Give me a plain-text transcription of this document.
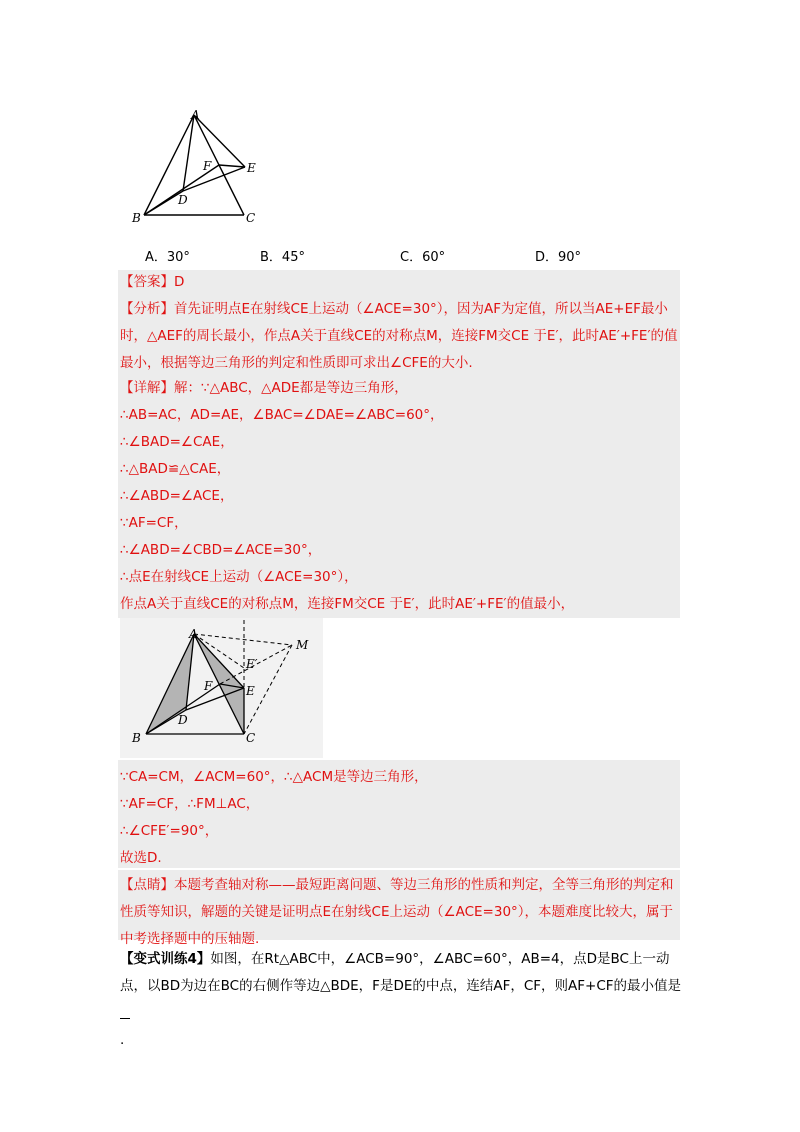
A
B	C
D
E
F
A．30°	B．45°	C．60°	D．90°
【答案】D
【分析】首先证明点E在射线CE上运动（∠ACE=30°），因为AF为定值，所以当AE+EF最小时，△AEF的周长最小，作点A关于直线CE的对称点M，连接FM交CE 于E′，此时AE′+FE′的值最小，根据等边三角形的判定和性质即可求出∠CFE的大小.
【详解】解：∵△ABC，△ADE都是等边三角形，
∴AB=AC，AD=AE，∠BAC=∠DAE=∠ABC=60°，
∴∠BAD=∠CAE，
∴△BAD≌△CAE，
∴∠ABD=∠ACE，
∵AF=CF，
∴∠ABD=∠CBD=∠ACE=30°，
∴点E在射线CE上运动（∠ACE=30°），
作点A关于直线CE的对称点M，连接FM交CE 于E′，此时AE′+FE′的值最小，
A
B	C
D
E
F
M
E′
∵CA=CM，∠ACM=60°，∴△ACM是等边三角形，
∵AF=CF，∴FM⊥AC，
∴∠CFE′=90°，
故选D.
【点睛】本题考查轴对称——最短距离问题、等边三角形的性质和判定，全等三角形的判定和性质等知识，解题的关键是证明点E在射线CE上运动（∠ACE=30°），本题难度比较大，属于中考选择题中的压轴题.
【变式训练4】如图，在Rt△ABC中，∠ACB=90°，∠ABC=60°，AB=4，点D是BC上一动点，以BD为边在BC的右侧作等边△BDE，F是DE的中点，连结AF，CF，则AF+CF的最小值是
.
